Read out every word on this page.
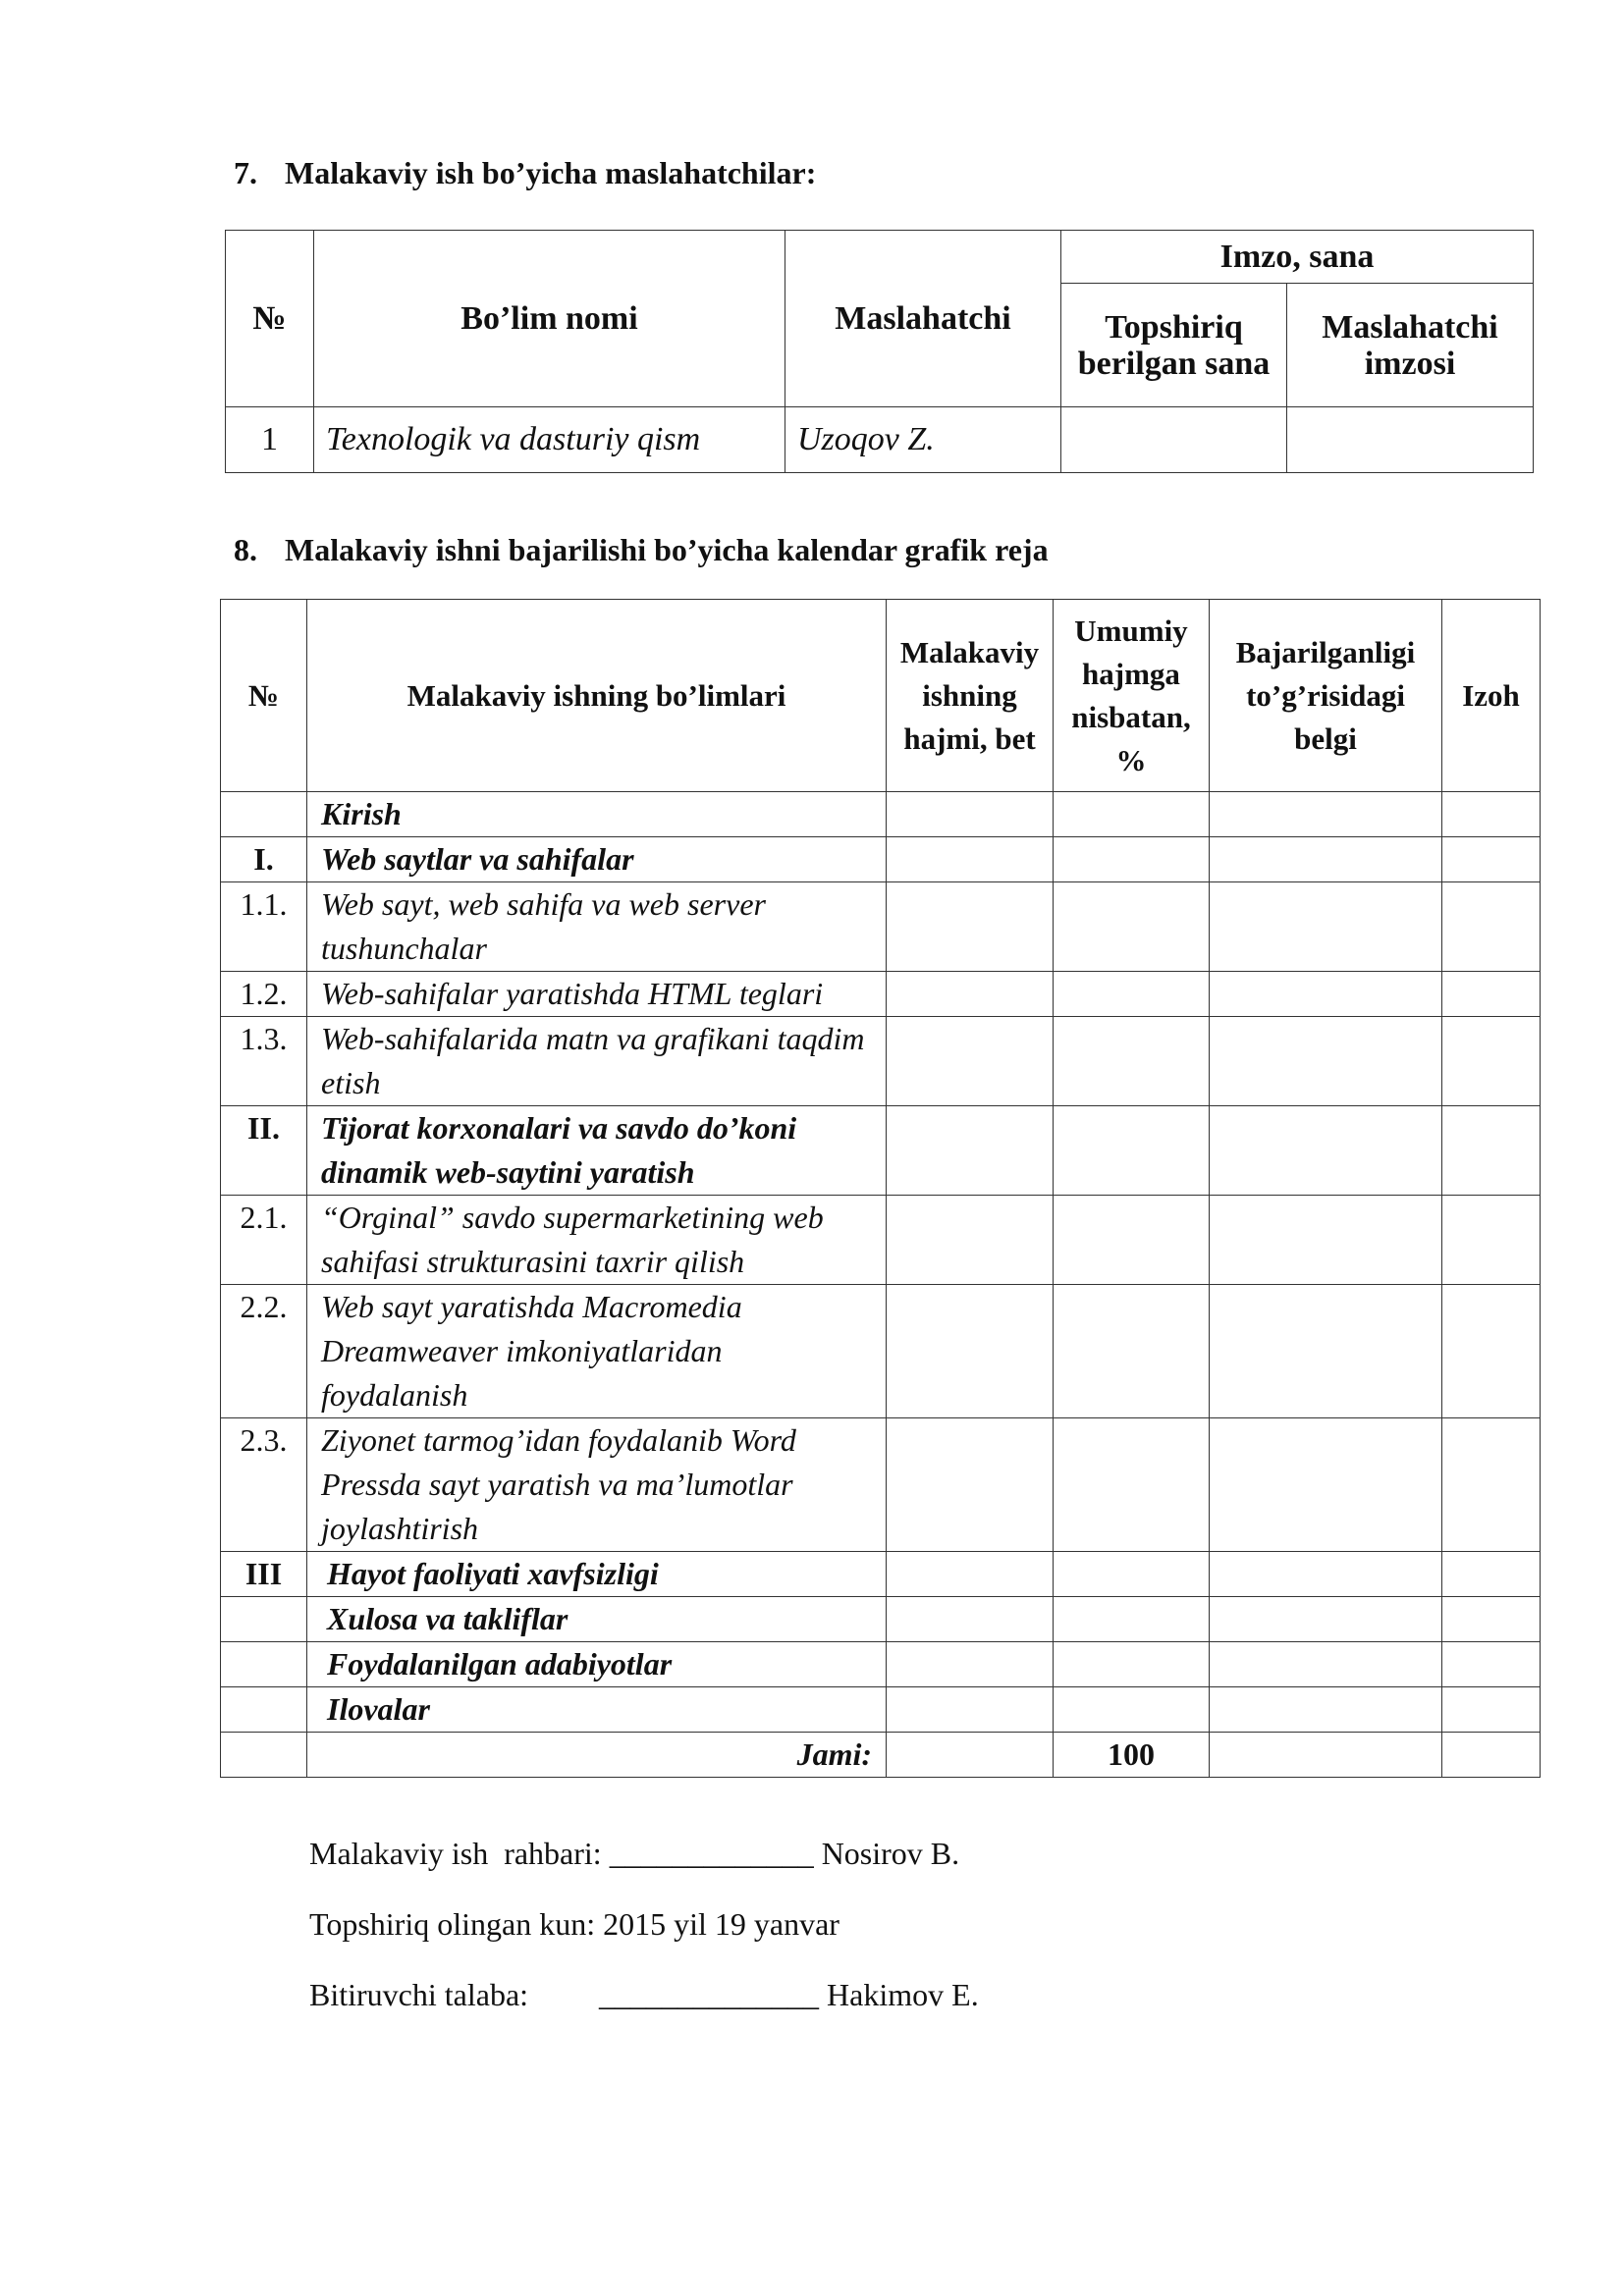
7. Malakaviy ish bo’yicha maslahatchilar:

№	Bo’lim nomi	Maslahatchi	Imzo, sana	
			Topshiriq berilgan sana	Maslahatchi imzosi
1	Texnologik va dasturiy qism	Uzoqov Z.		

8. Malakaviy ishni bajarilishi bo’yicha kalendar grafik reja

№	Malakaviy ishning bo’limlari	Malakaviy ishning hajmi, bet	Umumiy hajmga nisbatan, %	Bajarilganligi to’g’risidagi belgi	Izoh
	Kirish				
I.	Web saytlar va sahifalar				
1.1.	Web sayt, web sahifa va web server tushunchalar				
1.2.	Web-sahifalar yaratishda HTML teglari				
1.3.	Web-sahifalarida matn va grafikani taqdim etish				
II.	Tijorat korxonalari va savdo do’koni dinamik web-saytini yaratish				
2.1.	“Orginal” savdo supermarketining web sahifasi strukturasini taxrir qilish				
2.2.	Web sayt yaratishda Macromedia Dreamweaver imkoniyatlaridan foydalanish				
2.3.	Ziyonet tarmog’idan foydalanib Word Pressda sayt yaratish va ma’lumotlar joylashtirish				
III	Hayot faoliyati xavfsizligi				
	Xulosa va takliflar				
	Foydalanilgan adabiyotlar				
	Ilovalar				
	Jami:		100		

Malakaviy ish  rahbari: _____________ Nosirov B.

Topshiriq olingan kun: 2015 yil 19 yanvar

Bitiruvchi talaba:         ______________ Hakimov E.
